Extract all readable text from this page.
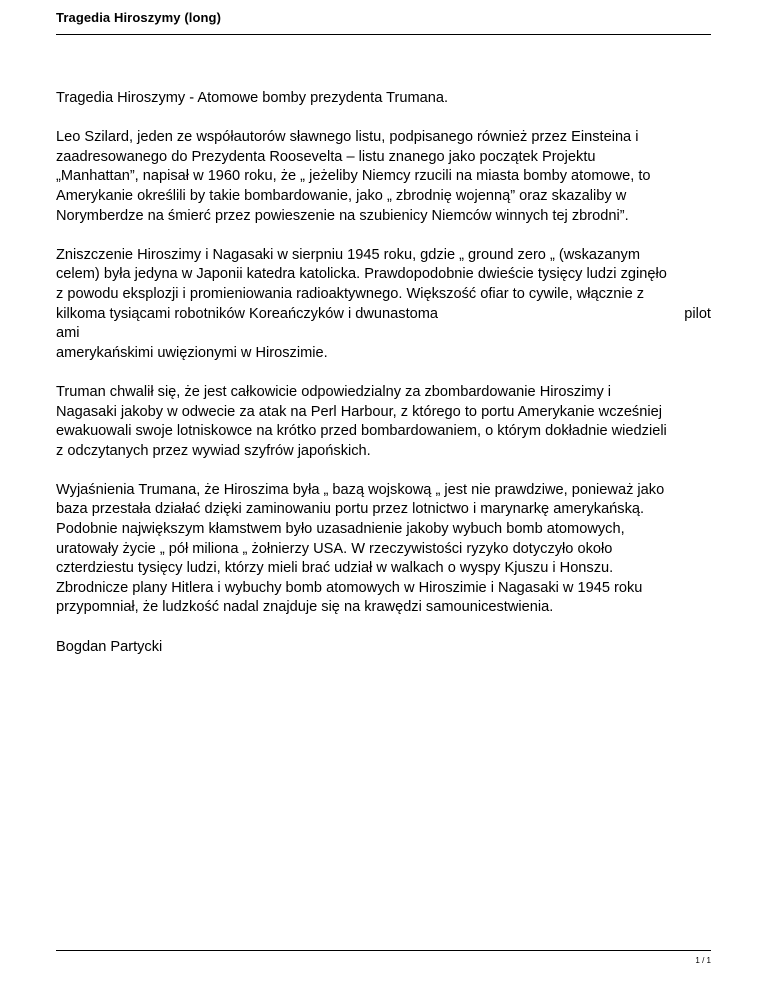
Tragedia Hiroszymy (long)

Tragedia Hiroszymy - Atomowe bomby prezydenta Trumana.

Leo Szilard, jeden ze współautorów sławnego listu, podpisanego również przez Einsteina i
zaadresowanego do Prezydenta Roosevelta – listu znanego jako początek Projektu
„Manhattan”, napisał w 1960 roku, że „ jeżeliby Niemcy rzucili na miasta bomby atomowe, to
Amerykanie określili by takie bombardowanie, jako „ zbrodnię wojenną” oraz skazaliby w
Norymberdze na śmierć przez powieszenie na szubienicy Niemców winnych tej zbrodni”.

Zniszczenie Hiroszimy i Nagasaki w sierpniu 1945 roku, gdzie „ ground zero „ (wskazanym
celem) była jedyna w Japonii katedra katolicka. Prawdopodobnie dwieście tysięcy ludzi zginęło
z powodu eksplozji i promieniowania radioaktywnego. Większość ofiar to cywile, włącznie z
kilkoma tysiącami robotników Koreańczyków i dwunastoma	pilot
ami
amerykańskimi uwięzionymi w Hiroszimie.

Truman chwalił się, że jest całkowicie odpowiedzialny za zbombardowanie Hiroszimy i
Nagasaki jakoby w odwecie za atak na Perl Harbour, z którego to portu Amerykanie wcześniej
ewakuowali swoje lotniskowce na krótko przed bombardowaniem, o którym dokładnie wiedzieli
z odczytanych przez wywiad szyfrów japońskich.

Wyjaśnienia Trumana, że Hiroszima była „ bazą wojskową „ jest nie prawdziwe, ponieważ jako
baza przestała działać dzięki zaminowaniu portu przez lotnictwo i marynarkę amerykańską.
Podobnie największym kłamstwem było uzasadnienie jakoby wybuch bomb atomowych,
uratowały życie „ pół miliona „ żołnierzy USA. W rzeczywistości ryzyko dotyczyło około
czterdziestu tysięcy ludzi, którzy mieli brać udział w walkach o wyspy Kjuszu i Honszu.
Zbrodnicze plany Hitlera i wybuchy bomb atomowych w Hiroszimie i Nagasaki w 1945 roku
przypomniał, że ludzkość nadal znajduje się na krawędzi samounicestwienia.

Bogdan Partycki

1 / 1
